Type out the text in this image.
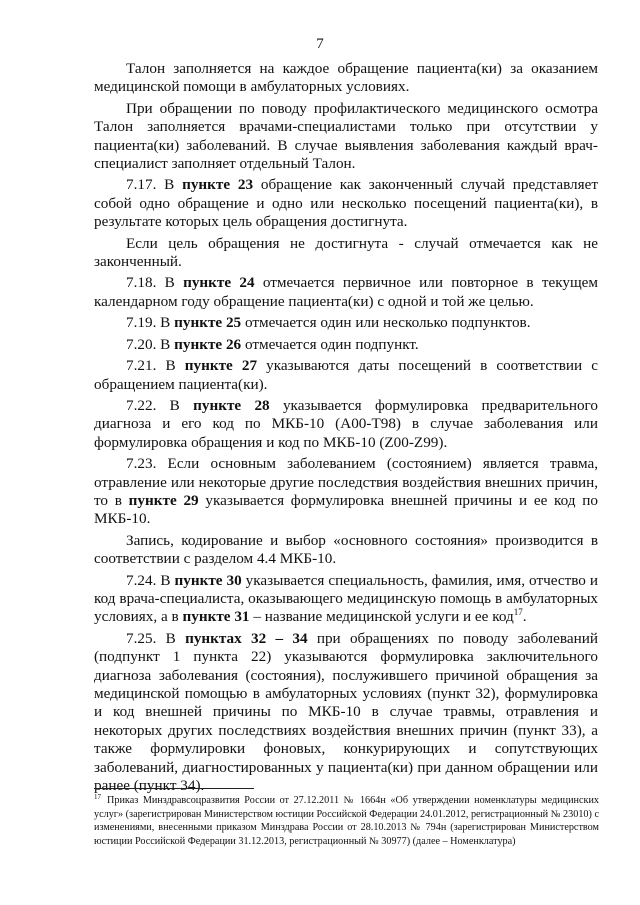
7

Талон заполняется на каждое обращение пациента(ки) за оказанием медицинской помощи в амбулаторных условиях.

При обращении по поводу профилактического медицинского осмотра Талон заполняется врачами-специалистами только при отсутствии у пациента(ки) заболеваний. В случае выявления заболевания каждый врач-специалист заполняет отдельный Талон.

7.17. В пункте 23 обращение как законченный случай представляет собой одно обращение и одно или несколько посещений пациента(ки), в результате которых цель обращения достигнута.

Если цель обращения не достигнута - случай отмечается как не законченный.

7.18. В пункте 24 отмечается первичное или повторное в текущем календарном году обращение пациента(ки) с одной и той же целью.

7.19. В пункте 25 отмечается один или несколько подпунктов.

7.20. В пункте 26 отмечается один подпункт.

7.21. В пункте 27 указываются даты посещений в соответствии с обращением пациента(ки).

7.22. В пункте 28 указывается формулировка предварительного диагноза и его код по МКБ-10 (А00-Т98) в случае заболевания или формулировка обращения и код по МКБ-10 (Z00-Z99).

7.23. Если основным заболеванием (состоянием) является травма, отравление или некоторые другие последствия воздействия внешних причин, то в пункте 29 указывается формулировка внешней причины и ее код по МКБ-10.

Запись, кодирование и выбор «основного состояния» производится в соответствии с разделом 4.4 МКБ-10.

7.24. В пункте 30 указывается специальность, фамилия, имя, отчество и код врача-специалиста, оказывающего медицинскую помощь в амбулаторных условиях, а в пункте 31 – название медицинской услуги и ее код$^{17}$.

7.25. В пунктах 32 – 34 при обращениях по поводу заболеваний (подпункт 1 пункта 22) указываются формулировка заключительного диагноза заболевания (состояния), послужившего причиной обращения за медицинской помощью в амбулаторных условиях (пункт 32), формулировка и код внешней причины по МКБ-10 в случае травмы, отравления и некоторых других последствиях воздействия внешних причин (пункт 33), а также формулировки фоновых, конкурирующих и сопутствующих заболеваний, диагностированных у пациента(ки) при данном обращении или ранее (пункт 34).

$^{17}$ Приказ Минздравсоцразвития России от 27.12.2011 № 1664н «Об утверждении номенклатуры медицинских услуг» (зарегистрирован Министерством юстиции Российской Федерации 24.01.2012, регистрационный № 23010) с изменениями, внесенными приказом Минздрава России от 28.10.2013 № 794н (зарегистрирован Министерством юстиции Российской Федерации 31.12.2013, регистрационный № 30977) (далее – Номенклатура)
